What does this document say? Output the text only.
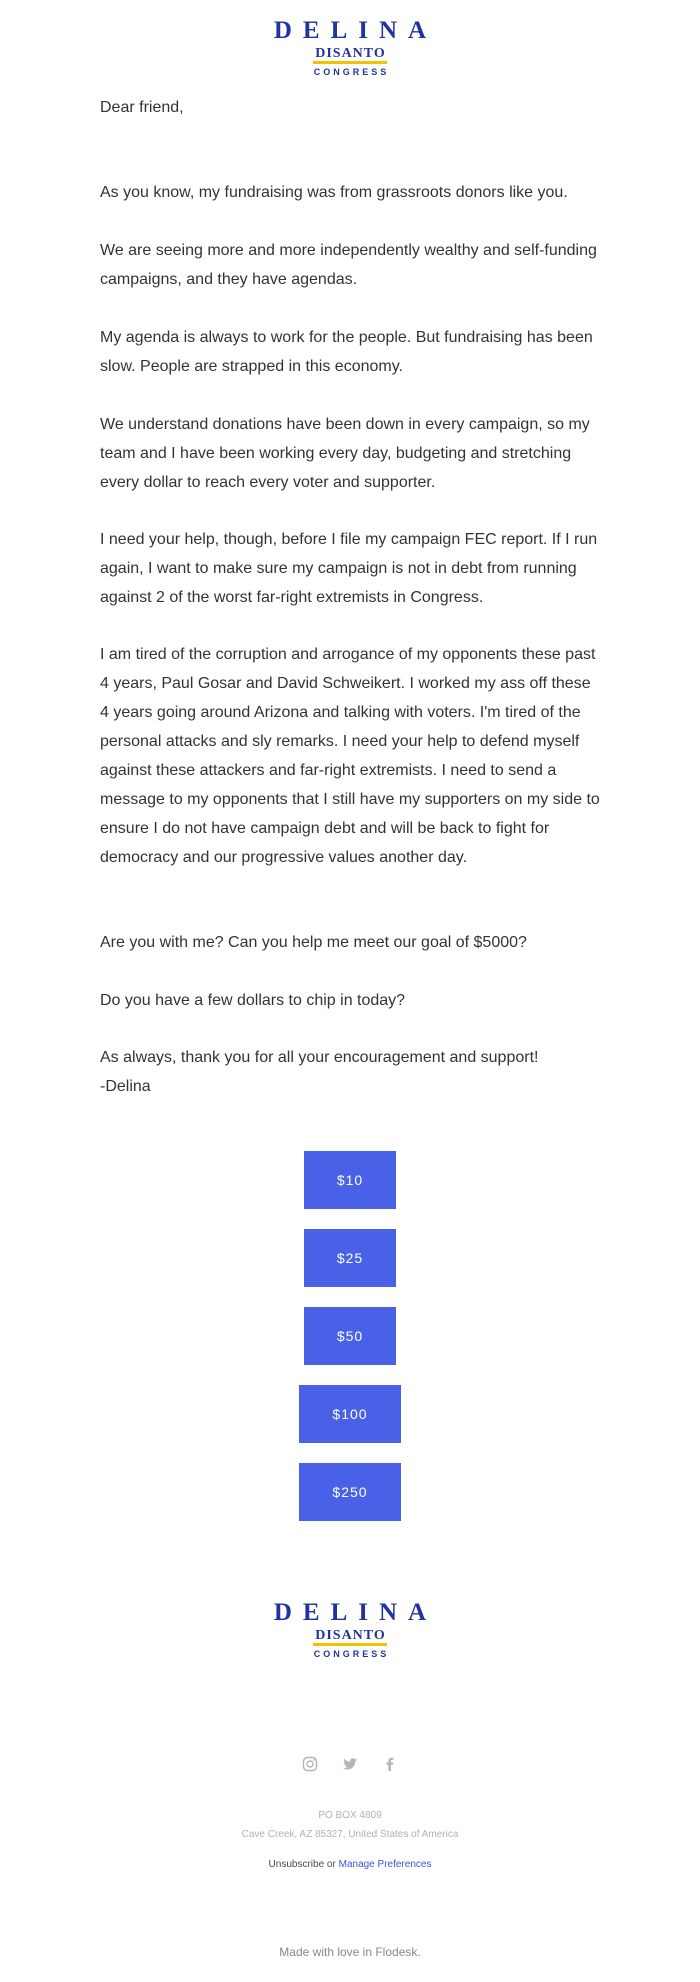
DELINA
DISANTO
CONGRESS

Dear friend,

As you know, my fundraising was from grassroots donors like you.

We are seeing more and more independently wealthy and self-funding campaigns, and they have agendas.

My agenda is always to work for the people. But fundraising has been slow. People are strapped in this economy.

We understand donations have been down in every campaign, so my team and I have been working every day, budgeting and stretching every dollar to reach every voter and supporter.

I need your help, though, before I file my campaign FEC report. If I run again, I want to make sure my campaign is not in debt from running against 2 of the worst far-right extremists in Congress.

I am tired of the corruption and arrogance of my opponents these past 4 years, Paul Gosar and David Schweikert. I worked my ass off these 4 years going around Arizona and talking with voters. I'm tired of the personal attacks and sly remarks. I need your help to defend myself against these attackers and far-right extremists. I need to send a message to my opponents that I still have my supporters on my side to ensure I do not have campaign debt and will be back to fight for democracy and our progressive values another day.

Are you with me? Can you help me meet our goal of $5000?

Do you have a few dollars to chip in today?

As always, thank you for all your encouragement and support!

-Delina

$10
$25
$50
$100
$250
DELINA
DISANTO
CONGRESS

PO BOX 4809
Cave Creek, AZ 85327, United States of America
Unsubscribe or Manage Preferences
Made with love in Flodesk.
